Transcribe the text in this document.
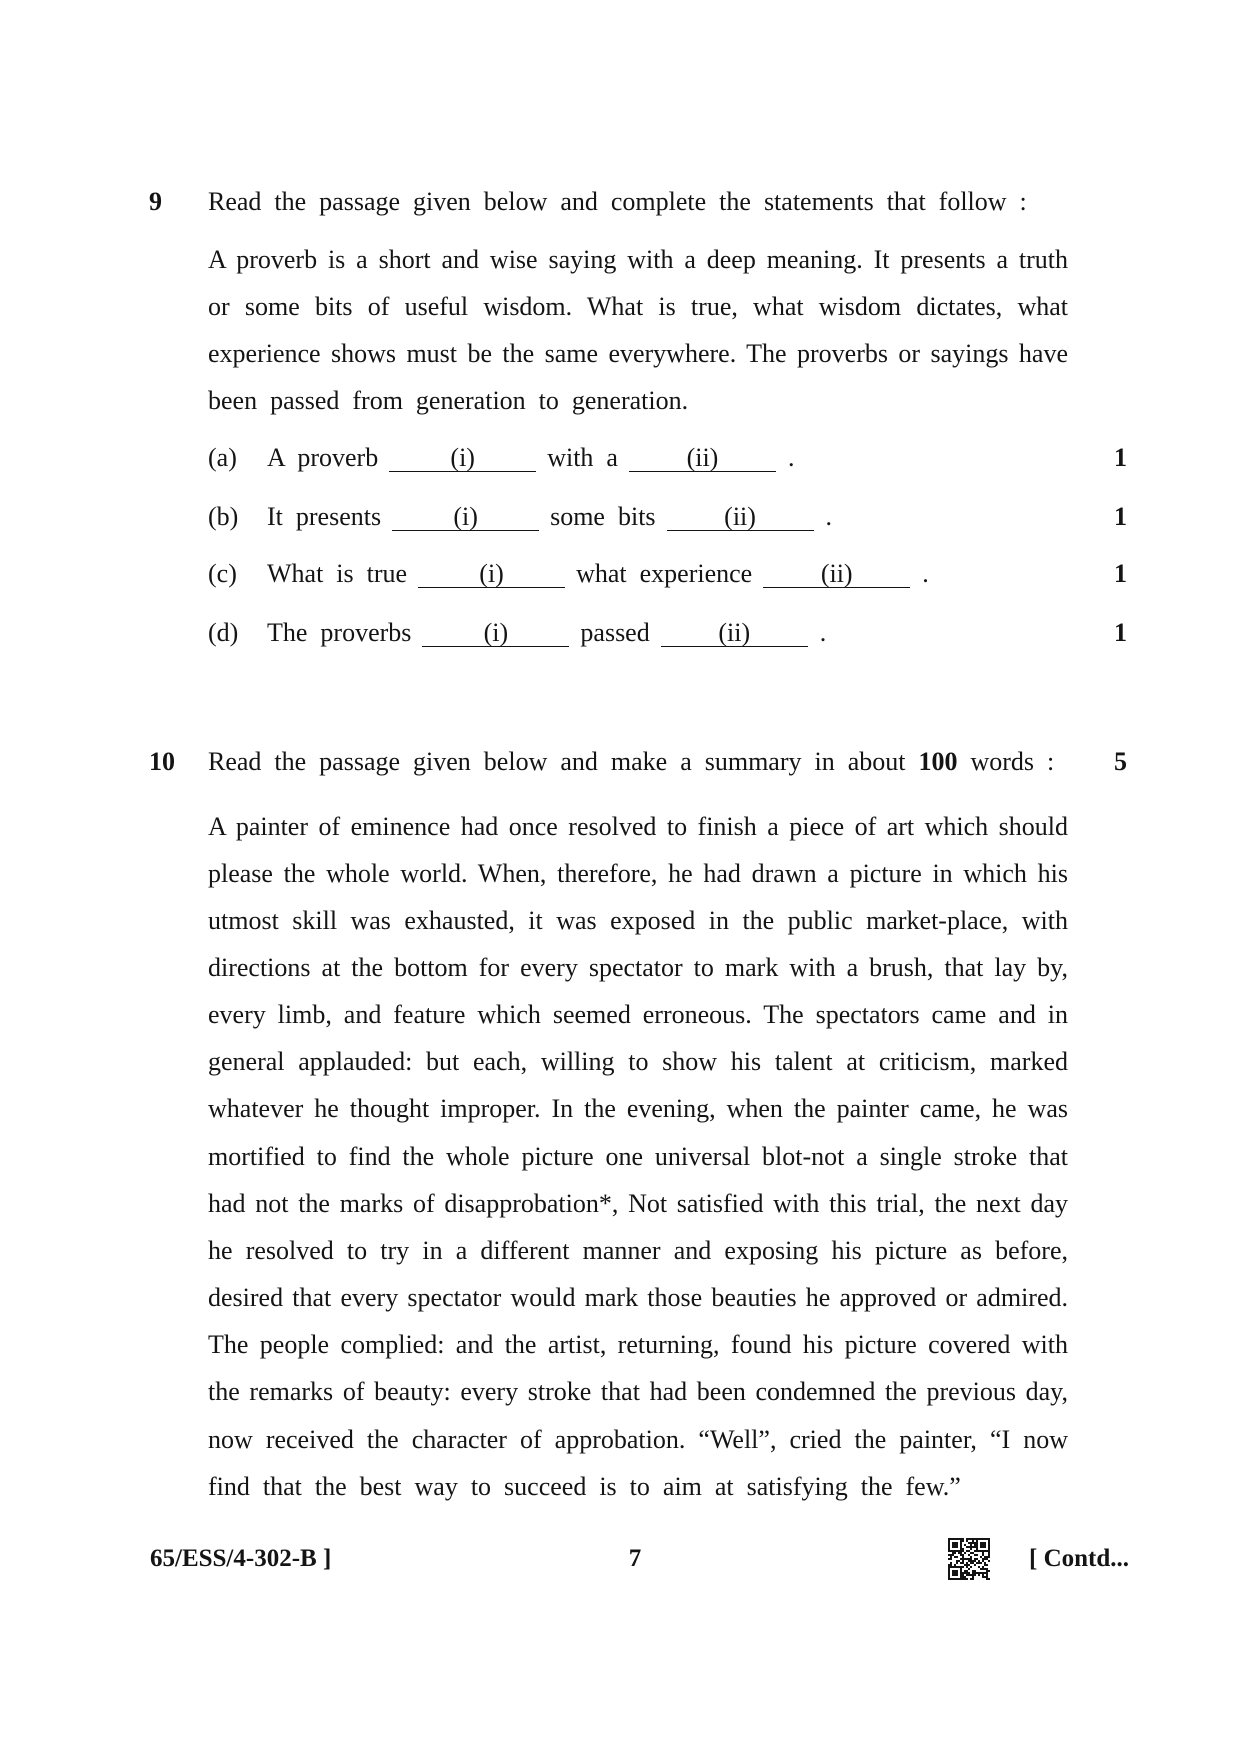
9 Read the passage given below and complete the statements that follow :
A proverb is a short and wise saying with a deep meaning. It presents a truth
or some bits of useful wisdom. What is true, what wisdom dictates, what
experience shows must be the same everywhere. The proverbs or sayings have
been passed from generation to generation.
(a) A proverb	(i)	with a	(ii)	.	1
(b) It presents	(i)	some bits	(ii)	.	1
(c) What is true	(i)	what experience	(ii)	.	1
(d) The proverbs	(i)	passed	(ii)	.	1
10 Read the passage given below and make a summary in about 100 words : 5
A painter of eminence had once resolved to finish a piece of art which should
please the whole world. When, therefore, he had drawn a picture in which his
utmost skill was exhausted, it was exposed in the public market-place, with
directions at the bottom for every spectator to mark with a brush, that lay by,
every limb, and feature which seemed erroneous. The spectators came and in
general applauded: but each, willing to show his talent at criticism, marked
whatever he thought improper. In the evening, when the painter came, he was
mortified to find the whole picture one universal blot-not a single stroke that
had not the marks of disapprobation*, Not satisfied with this trial, the next day
he resolved to try in a different manner and exposing his picture as before,
desired that every spectator would mark those beauties he approved or admired.
The people complied: and the artist, returning, found his picture covered with
the remarks of beauty: every stroke that had been condemned the previous day,
now received the character of approbation. “Well”, cried the painter, “I now
find that the best way to succeed is to aim at satisfying the few.”
65/ESS/4-302-B ]	7	[ Contd...
